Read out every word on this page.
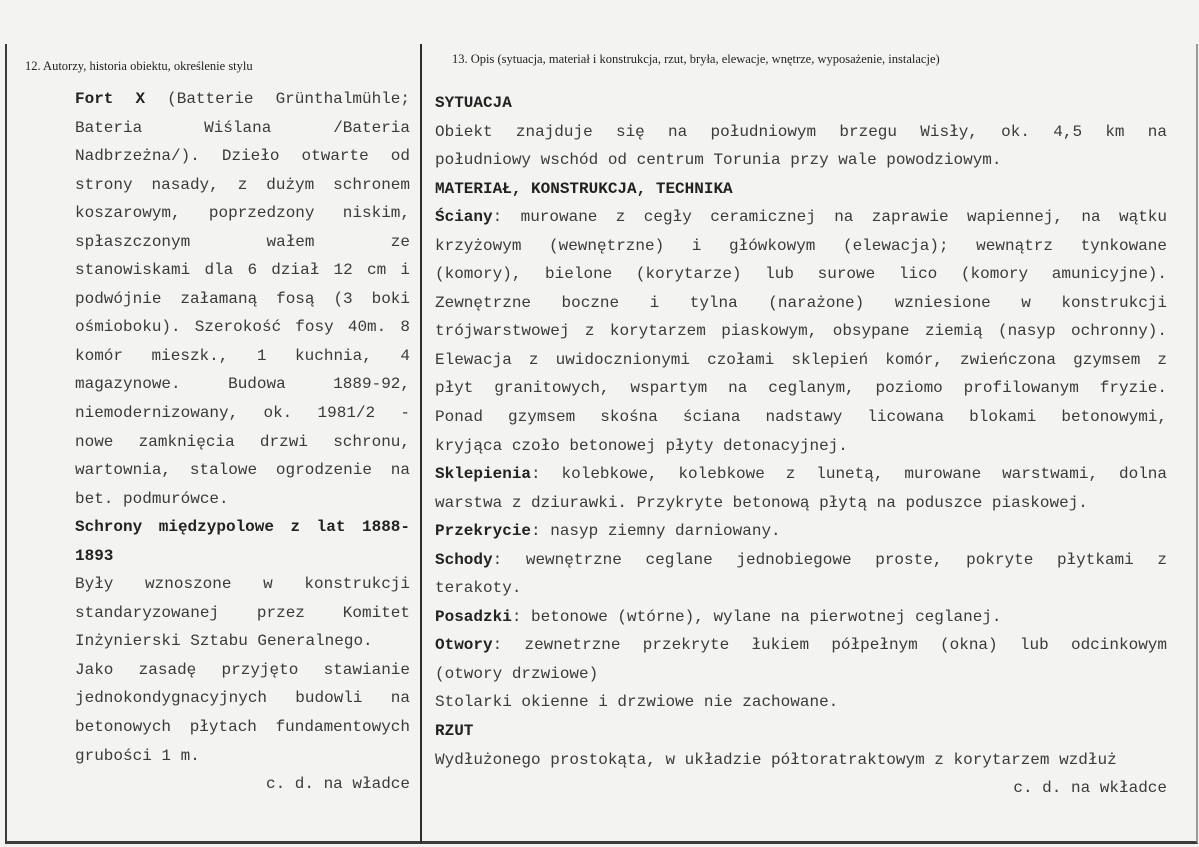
12. Autorzy, historia obiektu, określenie stylu	13. Opis (sytuacja, materiał i konstrukcja, rzut, bryła, elewacje, wnętrze, wyposażenie, instalacje)
Fort X (Batterie Grünthalmühle;
Bateria Wiślana /Bateria
Nadbrzeżna/). Dzieło otwarte od
strony nasady, z dużym schronem
koszarowym, poprzedzony niskim,
spłaszczonym wałem ze
stanowiskami dla 6 dział 12 cm i
podwójnie załamaną fosą (3 boki
ośmioboku). Szerokość fosy 40m. 8
komór mieszk., 1 kuchnia, 4
magazynowe. Budowa 1889-92,
niemodernizowany, ok. 1981/2 -
nowe zamknięcia drzwi schronu,
wartownia, stalowe ogrodzenie na
bet. podmurówce.
Schrony międzypolowe z lat 1888-
1893
Były wznoszone w konstrukcji
standaryzowanej przez Komitet
Inżynierski Sztabu Generalnego.
Jako zasadę przyjęto stawianie
jednokondygnacyjnych budowli na
betonowych płytach fundamentowych
grubości 1 m.
c. d. na władce
SYTUACJA
Obiekt znajduje się na południowym brzegu Wisły, ok. 4,5 km na
południowy wschód od centrum Torunia przy wale powodziowym.
MATERIAŁ, KONSTRUKCJA, TECHNIKA
Ściany: murowane z cegły ceramicznej na zaprawie wapiennej, na wątku
krzyżowym (wewnętrzne) i główkowym (elewacja); wewnątrz tynkowane
(komory), bielone (korytarze) lub surowe lico (komory amunicyjne).
Zewnętrzne boczne i tylna (narażone) wzniesione w konstrukcji
trójwarstwowej z korytarzem piaskowym, obsypane ziemią (nasyp ochronny).
Elewacja z uwidocznionymi czołami sklepień komór, zwieńczona gzymsem z
płyt granitowych, wspartym na ceglanym, poziomo profilowanym fryzie.
Ponad gzymsem skośna ściana nadstawy licowana blokami betonowymi,
kryjąca czoło betonowej płyty detonacyjnej.
Sklepienia: kolebkowe, kolebkowe z lunetą, murowane warstwami, dolna
warstwa z dziurawki. Przykryte betonową płytą na poduszce piaskowej.
Przekrycie: nasyp ziemny darniowany.
Schody: wewnętrzne ceglane jednobiegowe proste, pokryte płytkami z
terakoty.
Posadzki: betonowe (wtórne), wylane na pierwotnej ceglanej.
Otwory: zewnetrzne przekryte łukiem półpełnym (okna) lub odcinkowym
(otwory drzwiowe)
Stolarki okienne i drzwiowe nie zachowane.
RZUT
Wydłużonego prostokąta, w układzie półtoratraktowym z korytarzem wzdłuż
c. d. na wkładce
